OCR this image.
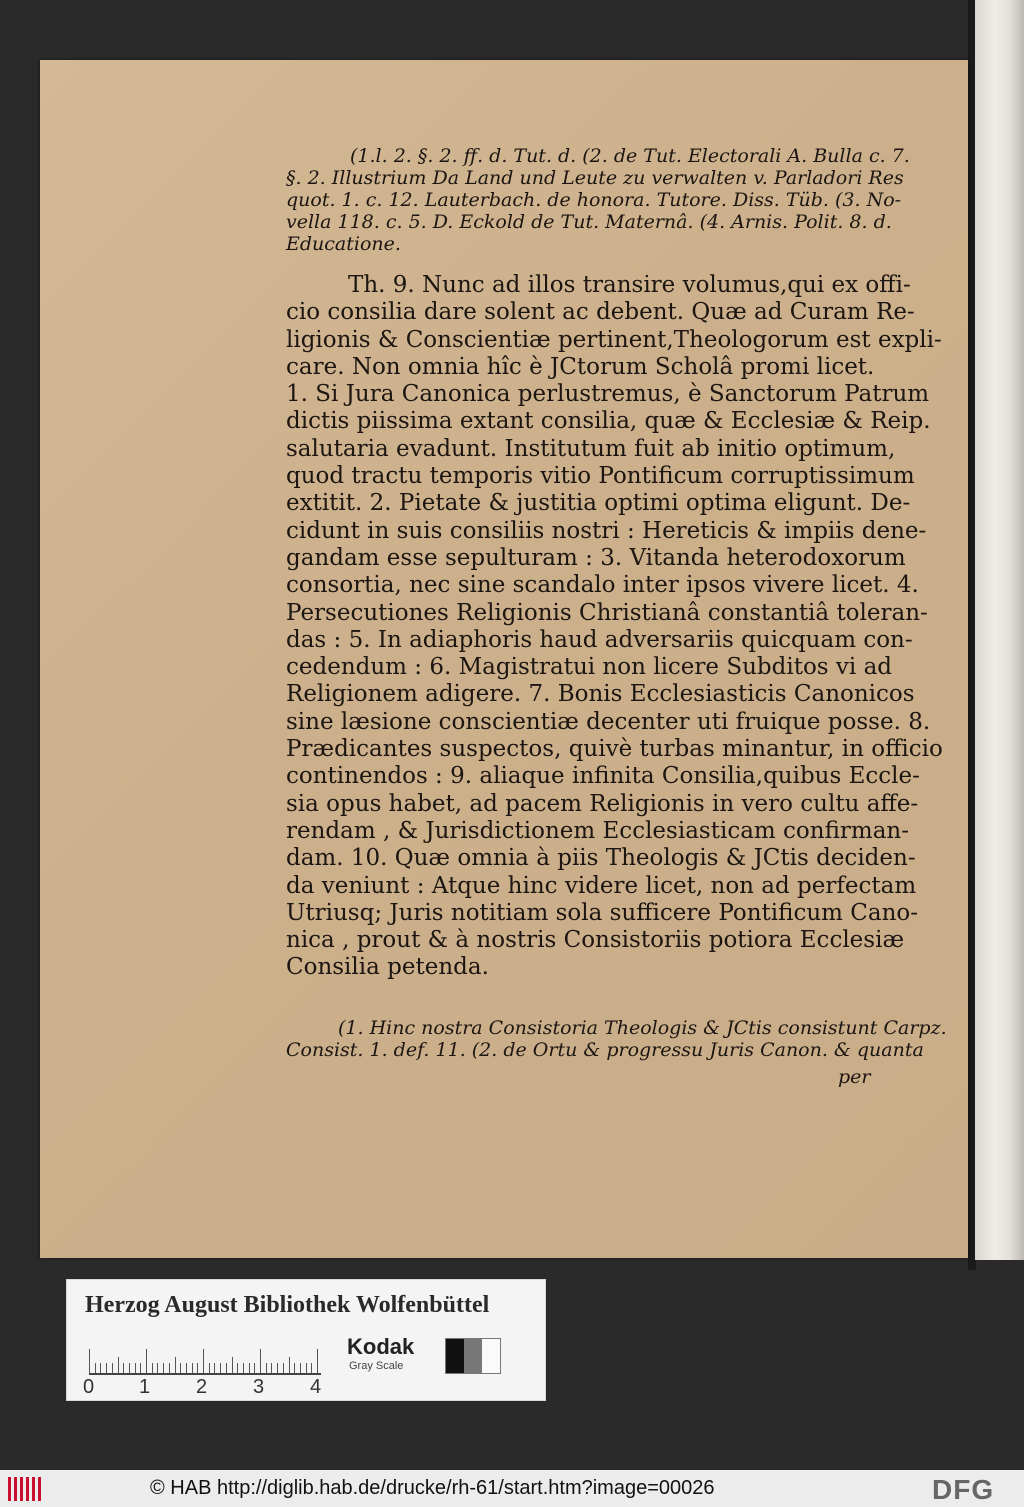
(1.l. 2. §. 2. ff. d. Tut. d. (2. de Tut. Electorali A. Bulla c. 7.
§. 2. Illustrium Da Land und Leute zu verwalten v. Parladori Res
quot. 1. c. 12. Lauterbach. de honora. Tutore. Diss. Tüb. (3. No-
vella 118. c. 5. D. Eckold de Tut. Maternâ. (4. Arnis. Polit. 8. d.
Educatione.
Th. 9. Nunc ad illos transire volumus,qui ex offi-
cio consilia dare solent ac debent. Quæ ad Curam Re-
ligionis & Conscientiæ pertinent,Theologorum est expli-
care. Non omnia hîc è JCtorum Scholâ promi licet.
1. Si Jura Canonica perlustremus, è Sanctorum Patrum
dictis piissima extant consilia, quæ & Ecclesiæ & Reip.
salutaria evadunt. Institutum fuit ab initio optimum,
quod tractu temporis vitio Pontificum corruptissimum
extitit. 2. Pietate & justitia optimi optima eligunt. De-
cidunt in suis consiliis nostri : Hereticis & impiis dene-
gandam esse sepulturam : 3. Vitanda heterodoxorum
consortia, nec sine scandalo inter ipsos vivere licet. 4.
Persecutiones Religionis Christianâ constantiâ toleran-
das : 5. In adiaphoris haud adversariis quicquam con-
cedendum : 6. Magistratui non licere Subditos vi ad
Religionem adigere. 7. Bonis Ecclesiasticis Canonicos
sine læsione conscientiæ decenter uti fruique posse. 8.
Prædicantes suspectos, quivè turbas minantur, in officio
continendos : 9. aliaque infinita Consilia,quibus Eccle-
sia opus habet, ad pacem Religionis in vero cultu affe-
rendam , & Jurisdictionem Ecclesiasticam confirman-
dam. 10. Quæ omnia à piis Theologis & JCtis deciden-
da veniunt : Atque hinc videre licet, non ad perfectam
Utriusq; Juris notitiam sola sufficere Pontificum Cano-
nica , prout & à nostris Consistoriis potiora Ecclesiæ
Consilia petenda.
(1. Hinc nostra Consistoria Theologis & JCtis consistunt Carpz.
Consist. 1. def. 11. (2. de Ortu & progressu Juris Canon. & quanta
per
Herzog August Bibliothek Wolfenbüttel
0 1 2 3 4
Kodak
Gray Scale
© HAB http://diglib.hab.de/drucke/rh-61/start.htm?image=00026	DFG
